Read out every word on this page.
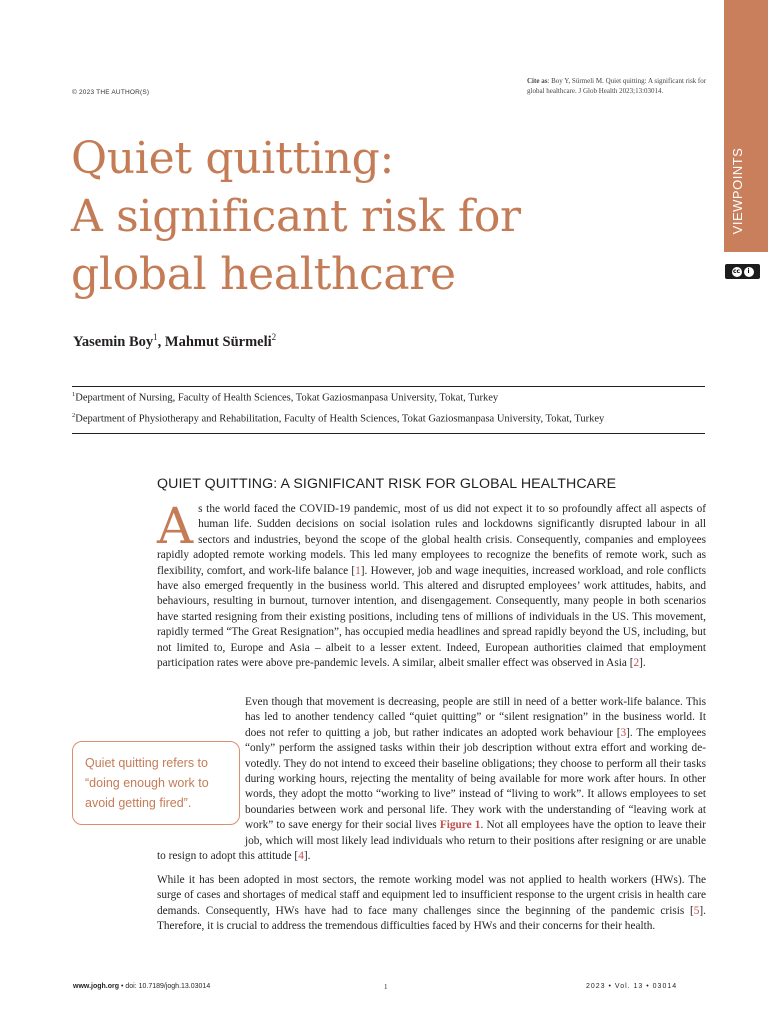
VIEWPOINTS
cc	i
© 2023 THE AUTHOR(S)
Cite as: Boy Y, Sürmeli M. Quiet quitting: A significant risk for global healthcare. J Glob Health 2023;13:03014.
Quiet quitting:
A significant risk for
global healthcare
Yasemin Boy$^1$, Mahmut Sürmeli$^2$
$^1$Department of Nursing, Faculty of Health Sciences, Tokat Gaziosmanpasa University, Tokat, Turkey
$^2$Department of Physiotherapy and Rehabilitation, Faculty of Health Sciences, Tokat Gaziosmanpasa University, Tokat, Turkey
QUIET QUITTING: A SIGNIFICANT RISK FOR GLOBAL HEALTHCARE

As the world faced the COVID-19 pandemic, most of us did not expect it to so profoundly affect all aspects of human life. Sudden decisions on social isolation rules and lockdowns significantly disrupted labour in all sectors and industries, beyond the scope of the global health crisis. Consequently, companies and employees rapidly adopted remote working models. This led many employees to recognize the benefits of remote work, such as flexibility, comfort, and work-life balance [1]. However, job and wage inequities, increased workload, and role conflicts have also emerged frequently in the business world. This altered and disrupted employees’ work attitudes, habits, and behaviours, resulting in burnout, turnover intention, and disengagement. Consequently, many people in both scenarios have started resigning from their existing positions, including tens of millions of individuals in the US. This movement, rapidly termed “The Great Resignation”, has occupied media headlines and spread rapidly beyond the US, including, but not limited to, Europe and Asia – albeit to a lesser extent. Indeed, European authorities claimed that employment participation rates were above pre-pandemic levels. A similar, albeit smaller effect was observed in Asia [2].

Even though that movement is decreasing, people are still in need of a better work-life balance. This has led to another tendency called “quiet quitting” or “silent resignation” in the business world. It does not refer to quitting a job, but rather indicates an adopted work behaviour [3]. The employees “only” perform the assigned tasks within their job description without extra effort and working devotedly. They do not intend to exceed their baseline obligations; they choose to perform all their tasks during working hours, rejecting the mentality of being available for more work after hours. In other words, they adopt the motto “working to live” instead of “living to work”. It allows employees to set boundaries between work and personal life. They work with the understanding of “leaving work at work” to save energy for their social lives Figure 1. Not all employees have the option to leave their job, which will most likely lead individuals who return to their positions after resigning or are unable to resign to adopt this attitude [4].

While it has been adopted in most sectors, the remote working model was not applied to health workers (HWs). The surge of cases and shortages of medical staff and equipment led to insufficient response to the urgent crisis in health care demands. Consequently, HWs have had to face many challenges since the beginning of the pandemic crisis [5]. Therefore, it is crucial to address the tremendous difficulties faced by HWs and their concerns for their health.

Quiet quitting refers to “doing enough work to avoid getting fired”.
www.jogh.org • doi: 10.7189/jogh.13.03014	1	2023 • Vol. 13 • 03014
